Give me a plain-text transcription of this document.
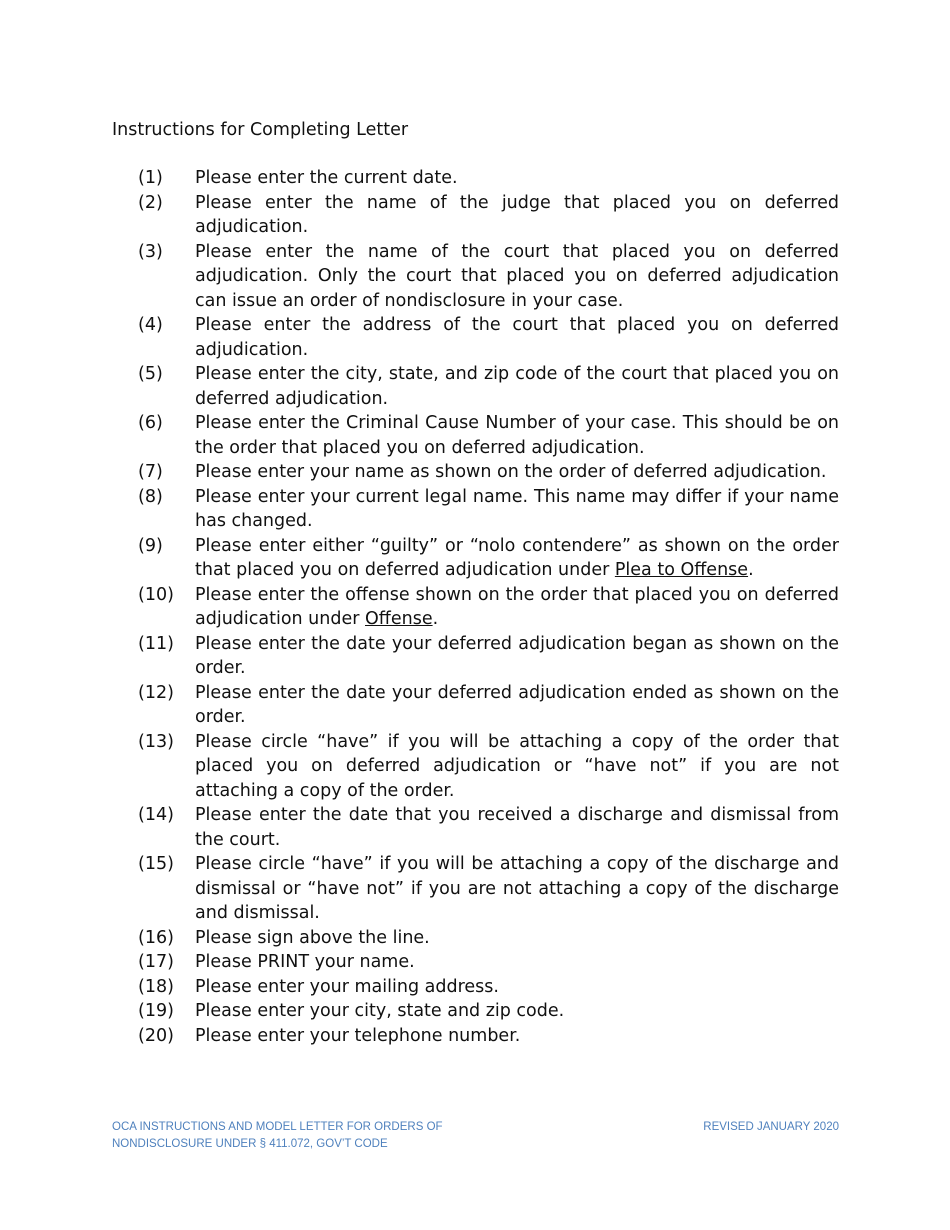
Instructions for Completing Letter
(1)	Please enter the current date.
(2)	Please enter the name of the judge that placed you on deferred adjudication.
(3)	Please enter the name of the court that placed you on deferred adjudication. Only the court that placed you on deferred adjudication can issue an order of nondisclosure in your case.
(4)	Please enter the address of the court that placed you on deferred adjudication.
(5)	Please enter the city, state, and zip code of the court that placed you on deferred adjudication.
(6)	Please enter the Criminal Cause Number of your case. This should be on the order that placed you on deferred adjudication.
(7)	Please enter your name as shown on the order of deferred adjudication.
(8)	Please enter your current legal name. This name may differ if your name has changed.
(9)	Please enter either “guilty” or “nolo contendere” as shown on the order that placed you on deferred adjudication under Plea to Offense.
(10)	Please enter the offense shown on the order that placed you on deferred adjudication under Offense.
(11)	Please enter the date your deferred adjudication began as shown on the order.
(12)	Please enter the date your deferred adjudication ended as shown on the order.
(13)	Please circle “have” if you will be attaching a copy of the order that placed you on deferred adjudication or “have not” if you are not attaching a copy of the order.
(14)	Please enter the date that you received a discharge and dismissal from the court.
(15)	Please circle “have” if you will be attaching a copy of the discharge and dismissal or “have not” if you are not attaching a copy of the discharge and dismissal.
(16)	Please sign above the line.
(17)	Please PRINT your name.
(18)	Please enter your mailing address.
(19)	Please enter your city, state and zip code.
(20)	Please enter your telephone number.
OCA INSTRUCTIONS AND MODEL LETTER FOR ORDERS OF
NONDISCLOSURE UNDER § 411.072, GOV’T CODE
REVISED JANUARY 2020
